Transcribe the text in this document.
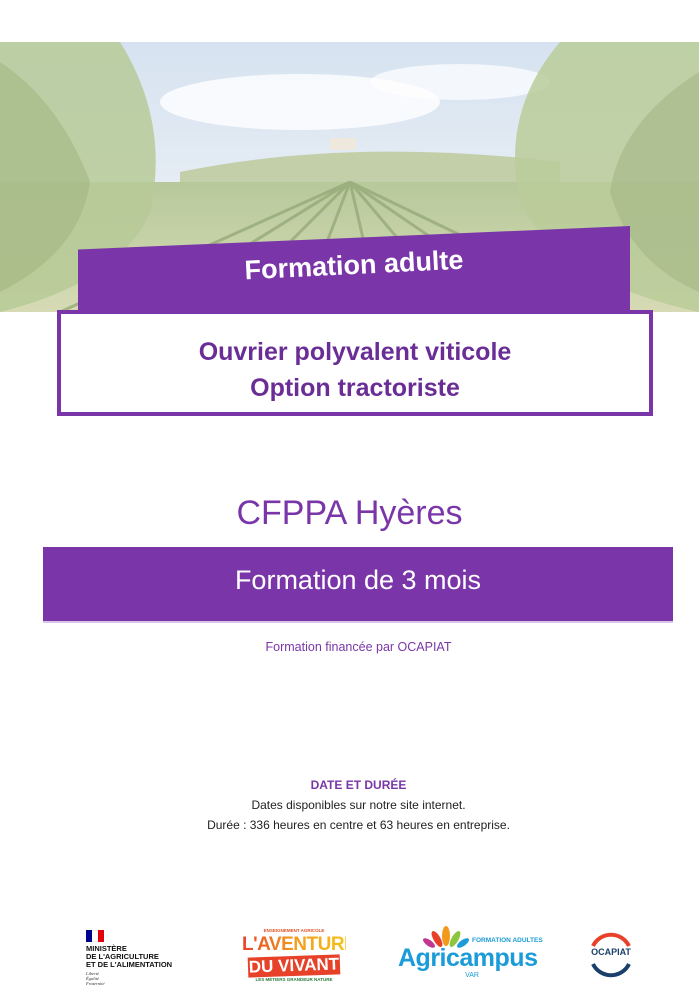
Formation adulte
Ouvrier polyvalent viticole
Option tractoriste
CFPPA Hyères
Formation de 3 mois
Formation financée par OCAPIAT
DATE ET DURÉE
Dates disponibles sur notre site internet.
Durée : 336 heures en centre et 63 heures en entreprise.
MINISTÈRE
DE L'AGRICULTURE
ET DE L'ALIMENTATION
Liberté
Égalité
Fraternité
ENSEIGNEMENT AGRICOLE
L'AVENTURE
DU VIVANT
LES MÉTIERS GRANDEUR NATURE
FORMATION ADULTES
Agricampus
VAR
OCAPIAT
